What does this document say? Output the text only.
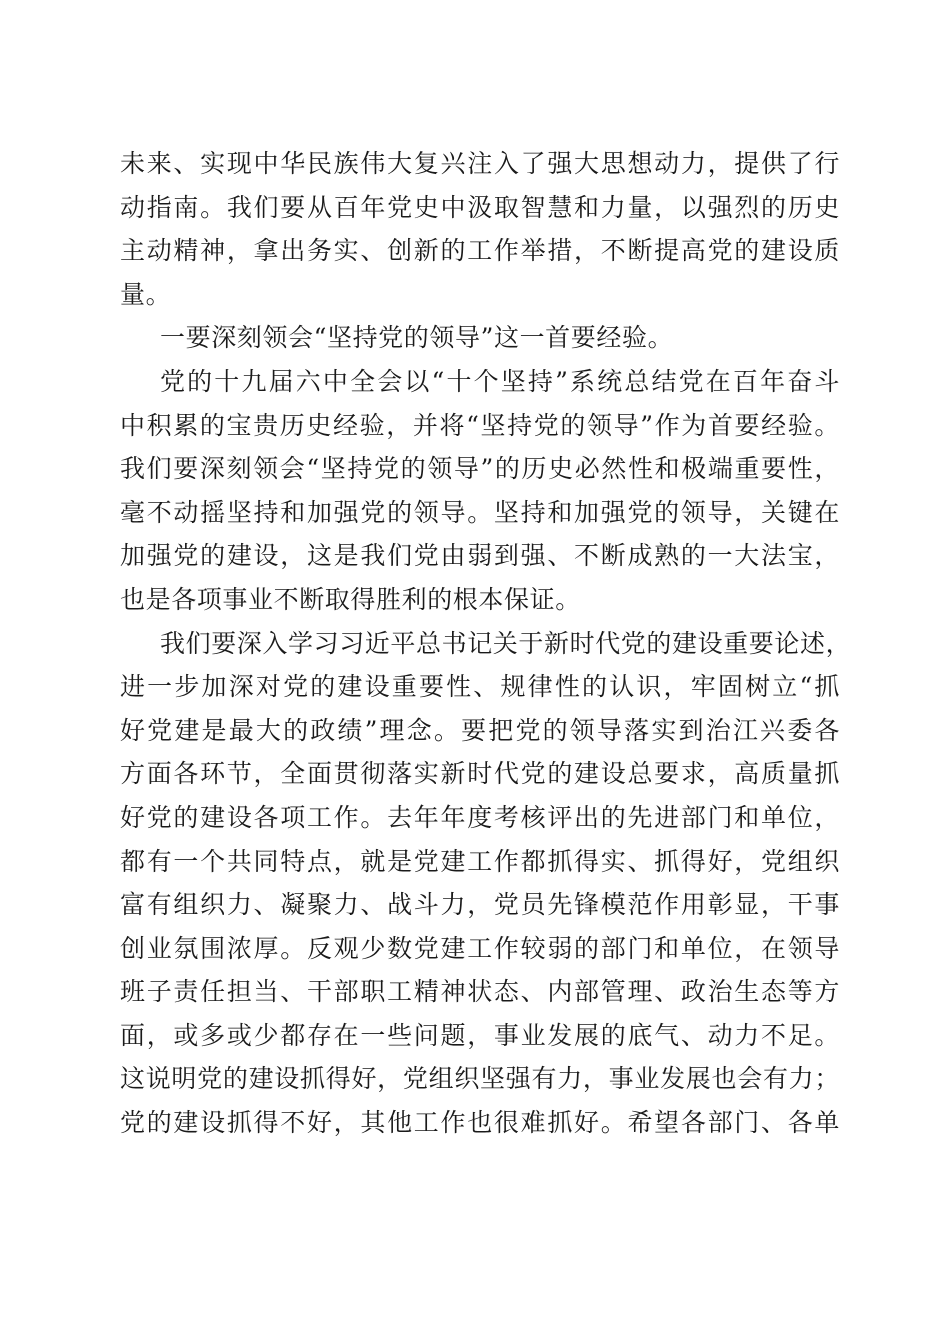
未来、实现中华民族伟大复兴注入了强大思想动力，提供了行
动指南。我们要从百年党史中汲取智慧和力量，以强烈的历史
主动精神，拿出务实、创新的工作举措，不断提高党的建设质
量。
一要深刻领会“坚持党的领导”这一首要经验。
党的十九届六中全会以“十个坚持”系统总结党在百年奋斗
中积累的宝贵历史经验，并将“坚持党的领导”作为首要经验。
我们要深刻领会“坚持党的领导”的历史必然性和极端重要性，
毫不动摇坚持和加强党的领导。坚持和加强党的领导，关键在
加强党的建设，这是我们党由弱到强、不断成熟的一大法宝，
也是各项事业不断取得胜利的根本保证。
我们要深入学习习近平总书记关于新时代党的建设重要论述，
进一步加深对党的建设重要性、规律性的认识，牢固树立“抓
好党建是最大的政绩”理念。要把党的领导落实到治江兴委各
方面各环节，全面贯彻落实新时代党的建设总要求，高质量抓
好党的建设各项工作。去年年度考核评出的先进部门和单位，
都有一个共同特点，就是党建工作都抓得实、抓得好，党组织
富有组织力、凝聚力、战斗力，党员先锋模范作用彰显，干事
创业氛围浓厚。反观少数党建工作较弱的部门和单位，在领导
班子责任担当、干部职工精神状态、内部管理、政治生态等方
面，或多或少都存在一些问题，事业发展的底气、动力不足。
这说明党的建设抓得好，党组织坚强有力，事业发展也会有力；
党的建设抓得不好，其他工作也很难抓好。希望各部门、各单
